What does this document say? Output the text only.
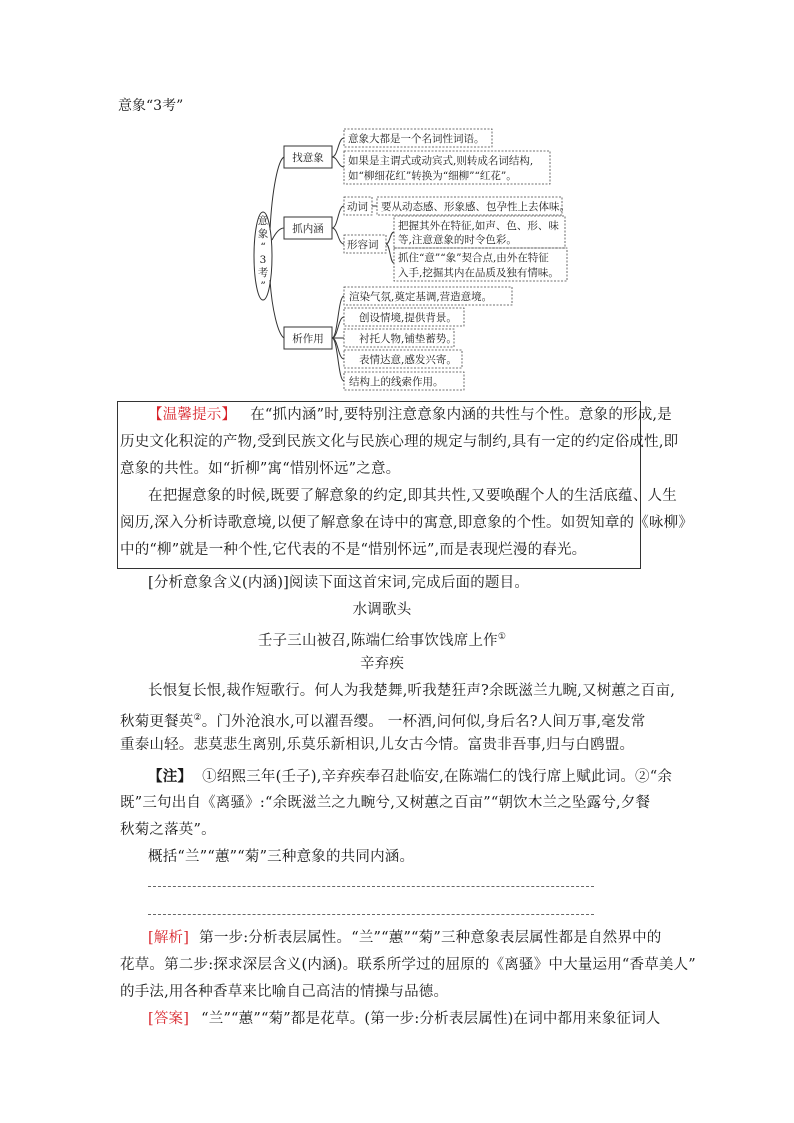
意象“3考”
意
象
“
3
考
”
找意象
抓内涵
析作用
意象大都是一个名词性词语。
如果是主谓式或动宾式,则转成名词结构,
如“柳细花红”转换为“细柳”“红花”。
动词 要从动态感、形象感、包孕性上去体味。
形容词
把握其外在特征,如声、色、形、味
等,注意意象的时令色彩。
抓住“意”“象”契合点,由外在特征
入手,挖掘其内在品质及独有情味。
渲染气氛,奠定基调,营造意境。
创设情境,提供背景。
衬托人物,铺垫蓄势。
表情达意,感发兴寄。
结构上的线索作用。
【温馨提示】 在“抓内涵”时,要特别注意意象内涵的共性与个性。意象的形成,是
历史文化积淀的产物,受到民族文化与民族心理的规定与制约,具有一定的约定俗成性,即
意象的共性。如“折柳”寓“惜别怀远”之意。
在把握意象的时候,既要了解意象的约定,即其共性,又要唤醒个人的生活底蕴、人生
阅历,深入分析诗歌意境,以便了解意象在诗中的寓意,即意象的个性。如贺知章的《咏柳》
中的“柳”就是一种个性,它代表的不是“惜别怀远”,而是表现烂漫的春光。
[分析意象含义(内涵)]阅读下面这首宋词,完成后面的题目。
水调歌头
壬子三山被召,陈端仁给事饮饯席上作①
辛弃疾
长恨复长恨,裁作短歌行。何人为我楚舞,听我楚狂声?余既滋兰九畹,又树蕙之百亩,
秋菊更餐英②。门外沧浪水,可以濯吾缨。 一杯酒,问何似,身后名?人间万事,毫发常
重泰山轻。悲莫悲生离别,乐莫乐新相识,儿女古今情。富贵非吾事,归与白鸥盟。
【注】 ①绍熙三年(壬子),辛弃疾奉召赴临安,在陈端仁的饯行席上赋此词。②“余
既”三句出自《离骚》:“余既滋兰之九畹兮,又树蕙之百亩”“朝饮木兰之坠露兮,夕餐
秋菊之落英”。
概括“兰”“蕙”“菊”三种意象的共同内涵。
[解析] 第一步:分析表层属性。“兰”“蕙”“菊”三种意象表层属性都是自然界中的
花草。第二步:探求深层含义(内涵)。联系所学过的屈原的《离骚》中大量运用“香草美人”
的手法,用各种香草来比喻自己高洁的情操与品德。
[答案] “兰”“蕙”“菊”都是花草。(第一步:分析表层属性)在词中都用来象征词人
